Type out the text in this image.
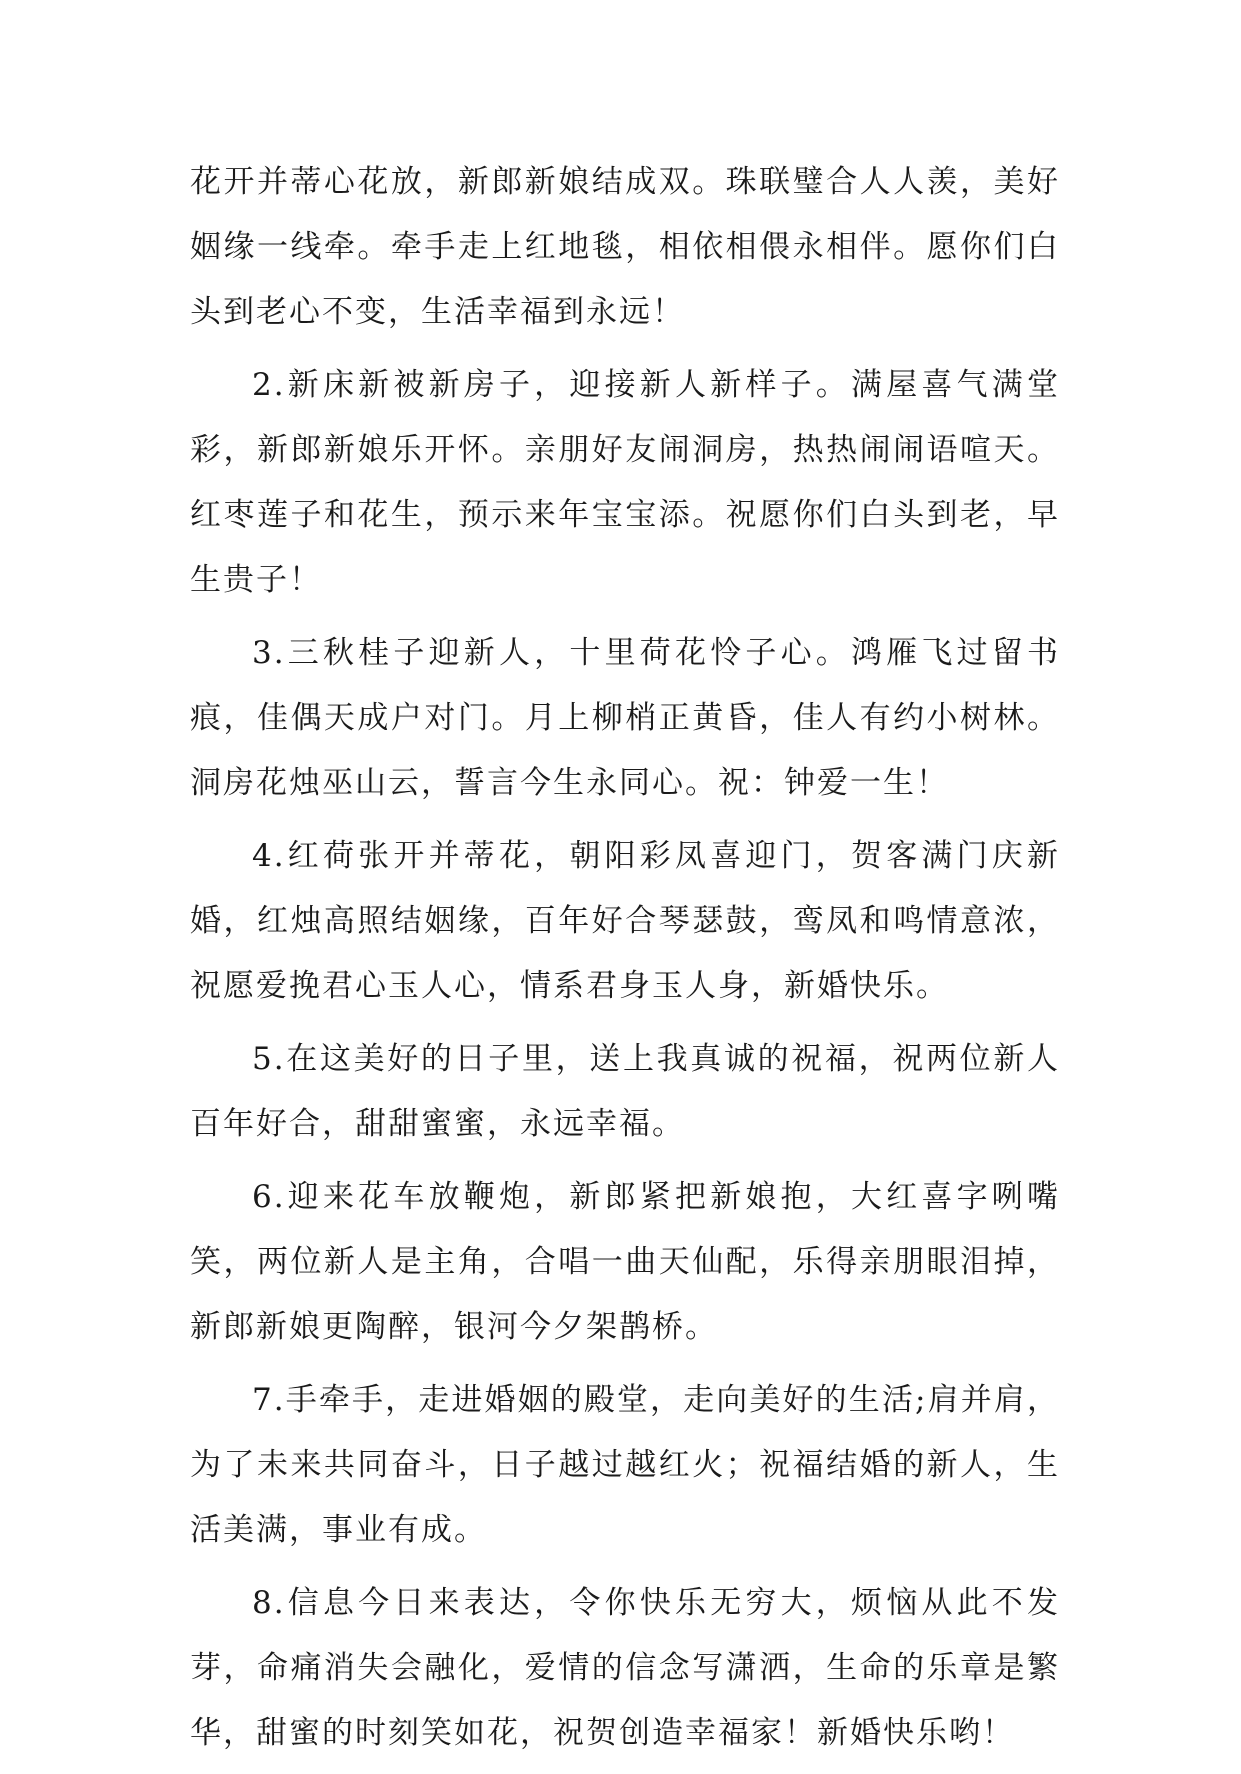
花开并蒂心花放，新郎新娘结成双。珠联璧合人人羡，美好姻缘一线牵。牵手走上红地毯，相依相偎永相伴。愿你们白头到老心不变，生活幸福到永远！

2.新床新被新房子，迎接新人新样子。满屋喜气满堂彩，新郎新娘乐开怀。亲朋好友闹洞房，热热闹闹语喧天。红枣莲子和花生，预示来年宝宝添。祝愿你们白头到老，早生贵子！

3.三秋桂子迎新人，十里荷花怜子心。鸿雁飞过留书痕，佳偶天成户对门。月上柳梢正黄昏，佳人有约小树林。洞房花烛巫山云，誓言今生永同心。祝：钟爱一生！

4.红荷张开并蒂花，朝阳彩凤喜迎门，贺客满门庆新婚，红烛高照结姻缘，百年好合琴瑟鼓，鸾凤和鸣情意浓，祝愿爱挽君心玉人心，情系君身玉人身，新婚快乐。

5.在这美好的日子里，送上我真诚的祝福，祝两位新人百年好合，甜甜蜜蜜，永远幸福。

6.迎来花车放鞭炮，新郎紧把新娘抱，大红喜字咧嘴笑，两位新人是主角，合唱一曲天仙配，乐得亲朋眼泪掉，新郎新娘更陶醉，银河今夕架鹊桥。

7.手牵手，走进婚姻的殿堂，走向美好的生活;肩并肩，为了未来共同奋斗，日子越过越红火；祝福结婚的新人，生活美满，事业有成。

8.信息今日来表达，令你快乐无穷大，烦恼从此不发芽，命痛消失会融化，爱情的信念写潇洒，生命的乐章是繁华，甜蜜的时刻笑如花，祝贺创造幸福家！新婚快乐哟！
